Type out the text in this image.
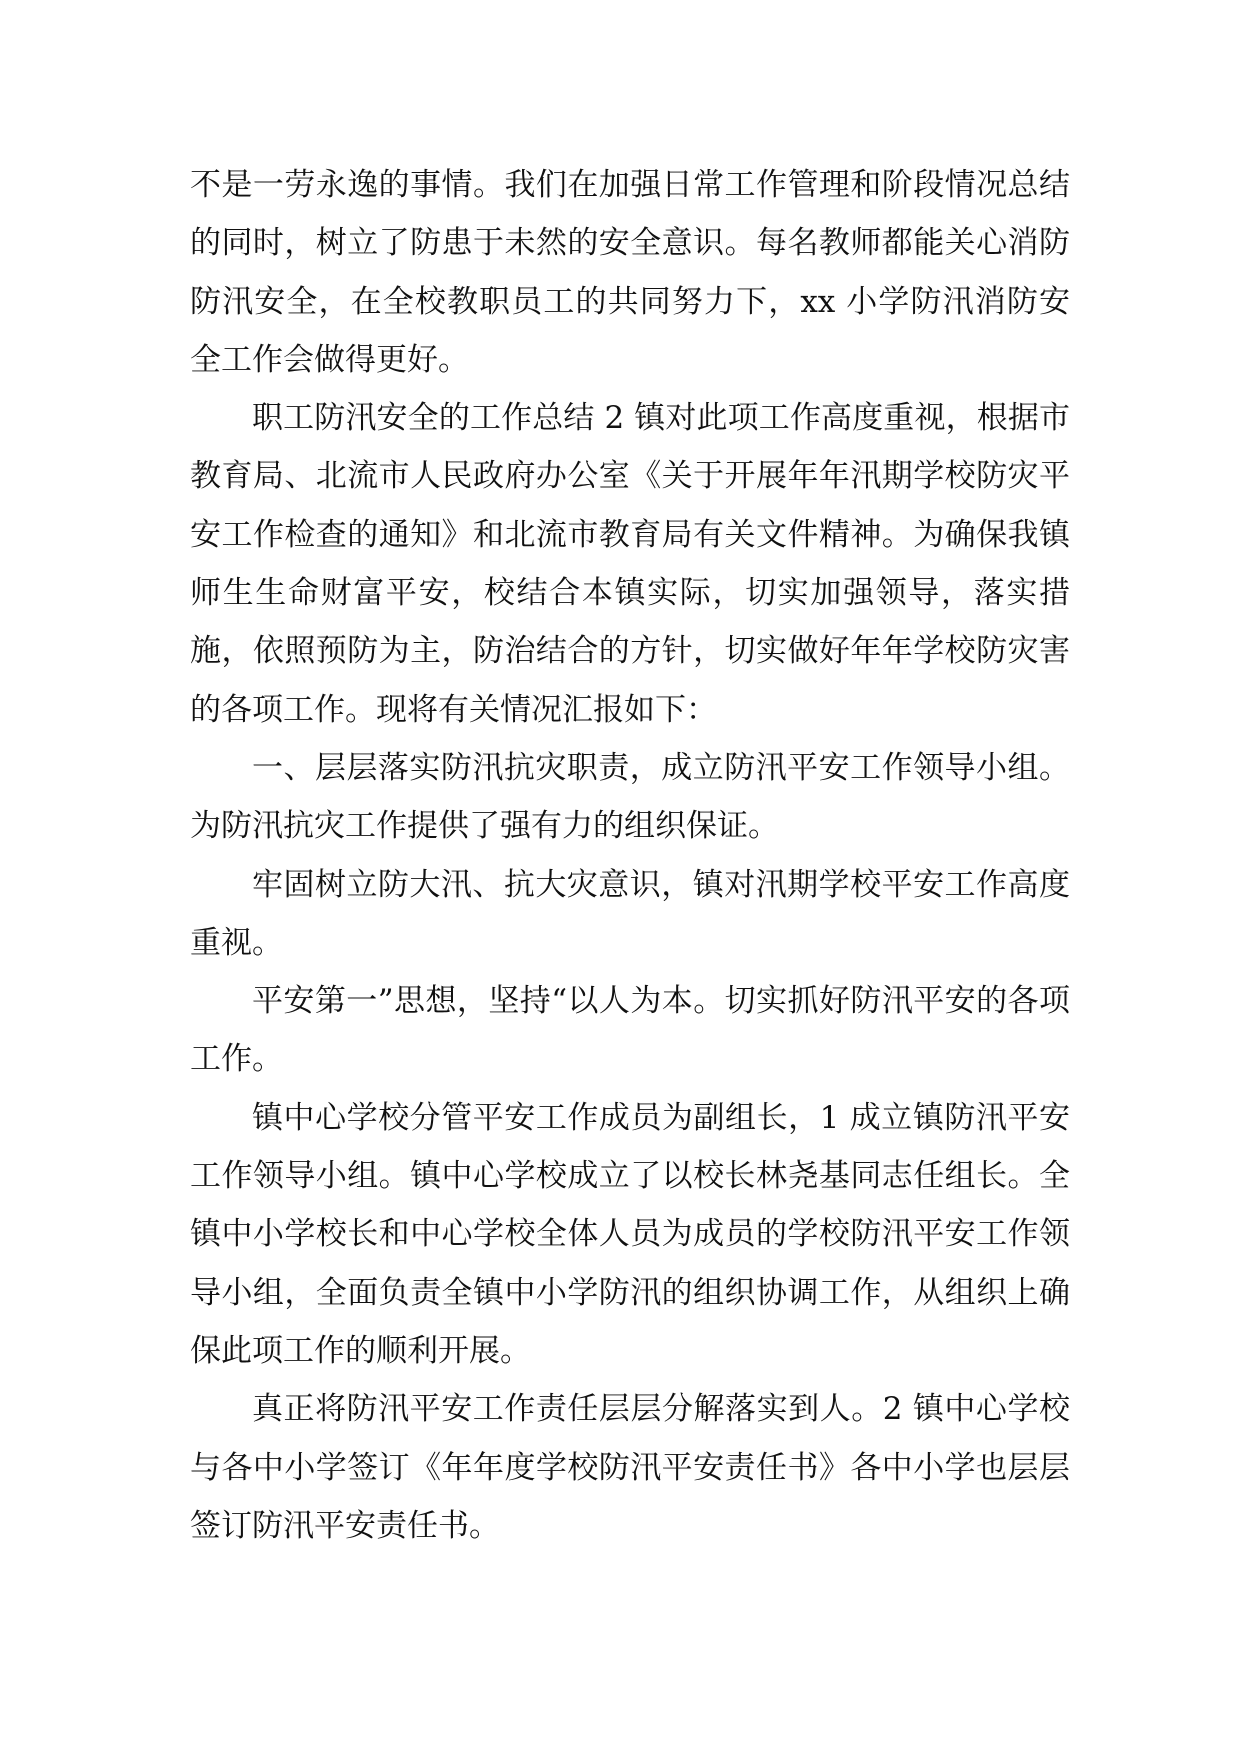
不是一劳永逸的事情。我们在加强日常工作管理和阶段情况总结的同时，树立了防患于未然的安全意识。每名教师都能关心消防防汛安全，在全校教职员工的共同努力下，xx 小学防汛消防安全工作会做得更好。

职工防汛安全的工作总结 2 镇对此项工作高度重视，根据市教育局、北流市人民政府办公室《关于开展年年汛期学校防灾平安工作检查的通知》和北流市教育局有关文件精神。为确保我镇师生生命财富平安，校结合本镇实际，切实加强领导，落实措施，依照预防为主，防治结合的方针，切实做好年年学校防灾害的各项工作。现将有关情况汇报如下：

一、层层落实防汛抗灾职责，成立防汛平安工作领导小组。为防汛抗灾工作提供了强有力的组织保证。

牢固树立防大汛、抗大灾意识，镇对汛期学校平安工作高度重视。

平安第一”思想，坚持“以人为本。切实抓好防汛平安的各项工作。

镇中心学校分管平安工作成员为副组长，1 成立镇防汛平安工作领导小组。镇中心学校成立了以校长林尧基同志任组长。全镇中小学校长和中心学校全体人员为成员的学校防汛平安工作领导小组，全面负责全镇中小学防汛的组织协调工作，从组织上确保此项工作的顺利开展。

真正将防汛平安工作责任层层分解落实到人。2 镇中心学校与各中小学签订《年年度学校防汛平安责任书》各中小学也层层签订防汛平安责任书。
